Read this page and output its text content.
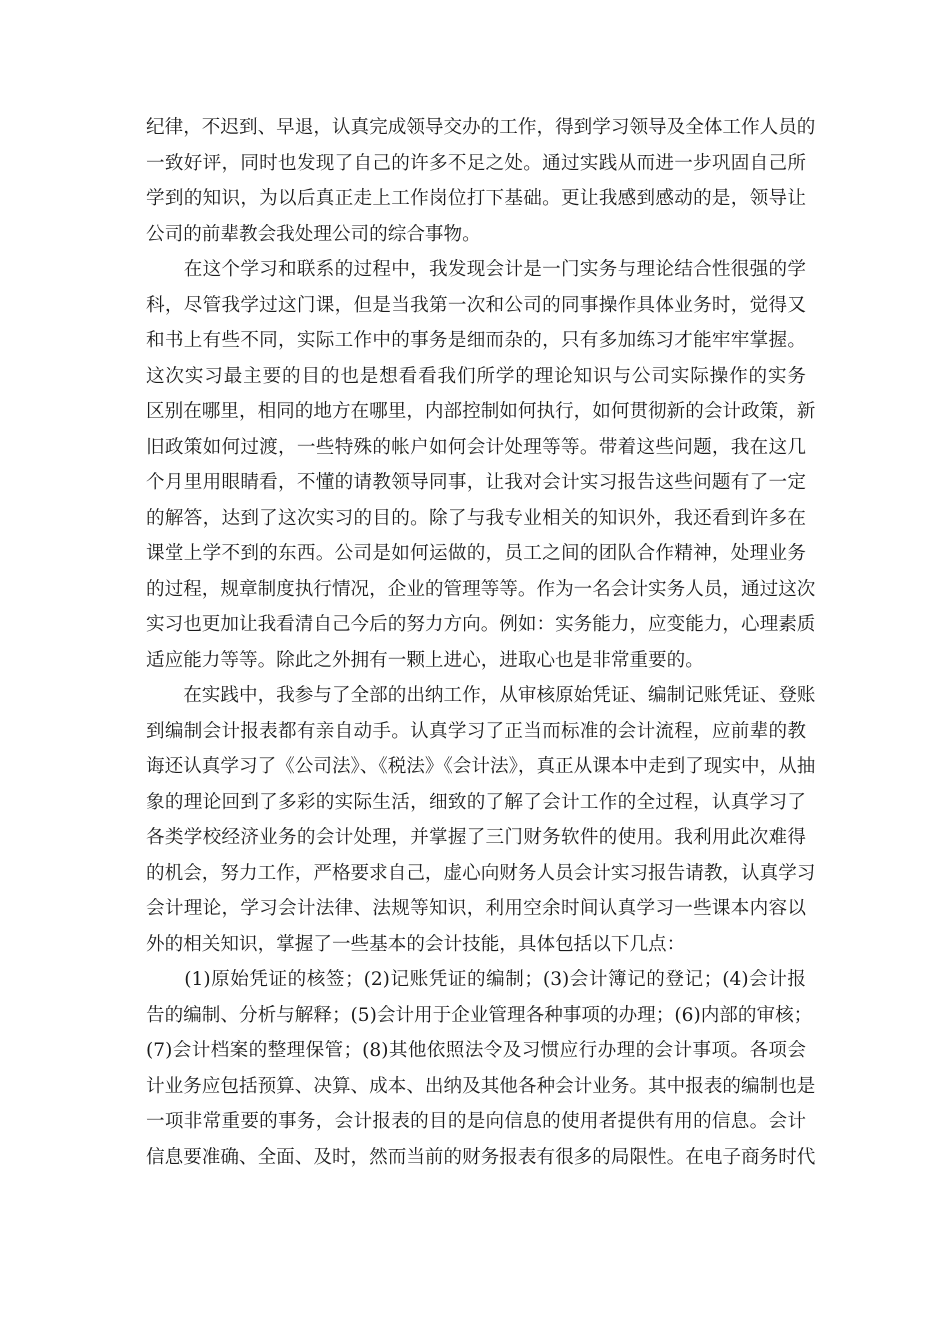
纪律，不迟到、早退，认真完成领导交办的工作，得到学习领导及全体工作人员的
一致好评，同时也发现了自己的许多不足之处。通过实践从而进一步巩固自己所
学到的知识，为以后真正走上工作岗位打下基础。更让我感到感动的是，领导让
公司的前辈教会我处理公司的综合事物。
　　在这个学习和联系的过程中，我发现会计是一门实务与理论结合性很强的学
科，尽管我学过这门课，但是当我第一次和公司的同事操作具体业务时，觉得又
和书上有些不同，实际工作中的事务是细而杂的，只有多加练习才能牢牢掌握。
这次实习最主要的目的也是想看看我们所学的理论知识与公司实际操作的实务
区别在哪里，相同的地方在哪里，内部控制如何执行，如何贯彻新的会计政策，新
旧政策如何过渡，一些特殊的帐户如何会计处理等等。带着这些问题，我在这几
个月里用眼睛看，不懂的请教领导同事，让我对会计实习报告这些问题有了一定
的解答，达到了这次实习的目的。除了与我专业相关的知识外，我还看到许多在
课堂上学不到的东西。公司是如何运做的，员工之间的团队合作精神，处理业务
的过程，规章制度执行情况，企业的管理等等。作为一名会计实务人员，通过这次
实习也更加让我看清自己今后的努力方向。例如：实务能力，应变能力，心理素质
适应能力等等。除此之外拥有一颗上进心，进取心也是非常重要的。
　　在实践中，我参与了全部的出纳工作，从审核原始凭证、编制记账凭证、登账
到编制会计报表都有亲自动手。认真学习了正当而标准的会计流程，应前辈的教
诲还认真学习了《公司法》、《税法》《会计法》，真正从课本中走到了现实中，从抽
象的理论回到了多彩的实际生活，细致的了解了会计工作的全过程，认真学习了
各类学校经济业务的会计处理，并掌握了三门财务软件的使用。我利用此次难得
的机会，努力工作，严格要求自己，虚心向财务人员会计实习报告请教，认真学习
会计理论，学习会计法律、法规等知识，利用空余时间认真学习一些课本内容以
外的相关知识，掌握了一些基本的会计技能，具体包括以下几点：
　　(1)原始凭证的核签；(2)记账凭证的编制；(3)会计簿记的登记；(4)会计报
告的编制、分析与解释；(5)会计用于企业管理各种事项的办理；(6)内部的审核；
(7)会计档案的整理保管；(8)其他依照法令及习惯应行办理的会计事项。各项会
计业务应包括预算、决算、成本、出纳及其他各种会计业务。其中报表的编制也是
一项非常重要的事务，会计报表的目的是向信息的使用者提供有用的信息。会计
信息要准确、全面、及时，然而当前的财务报表有很多的局限性。在电子商务时代
